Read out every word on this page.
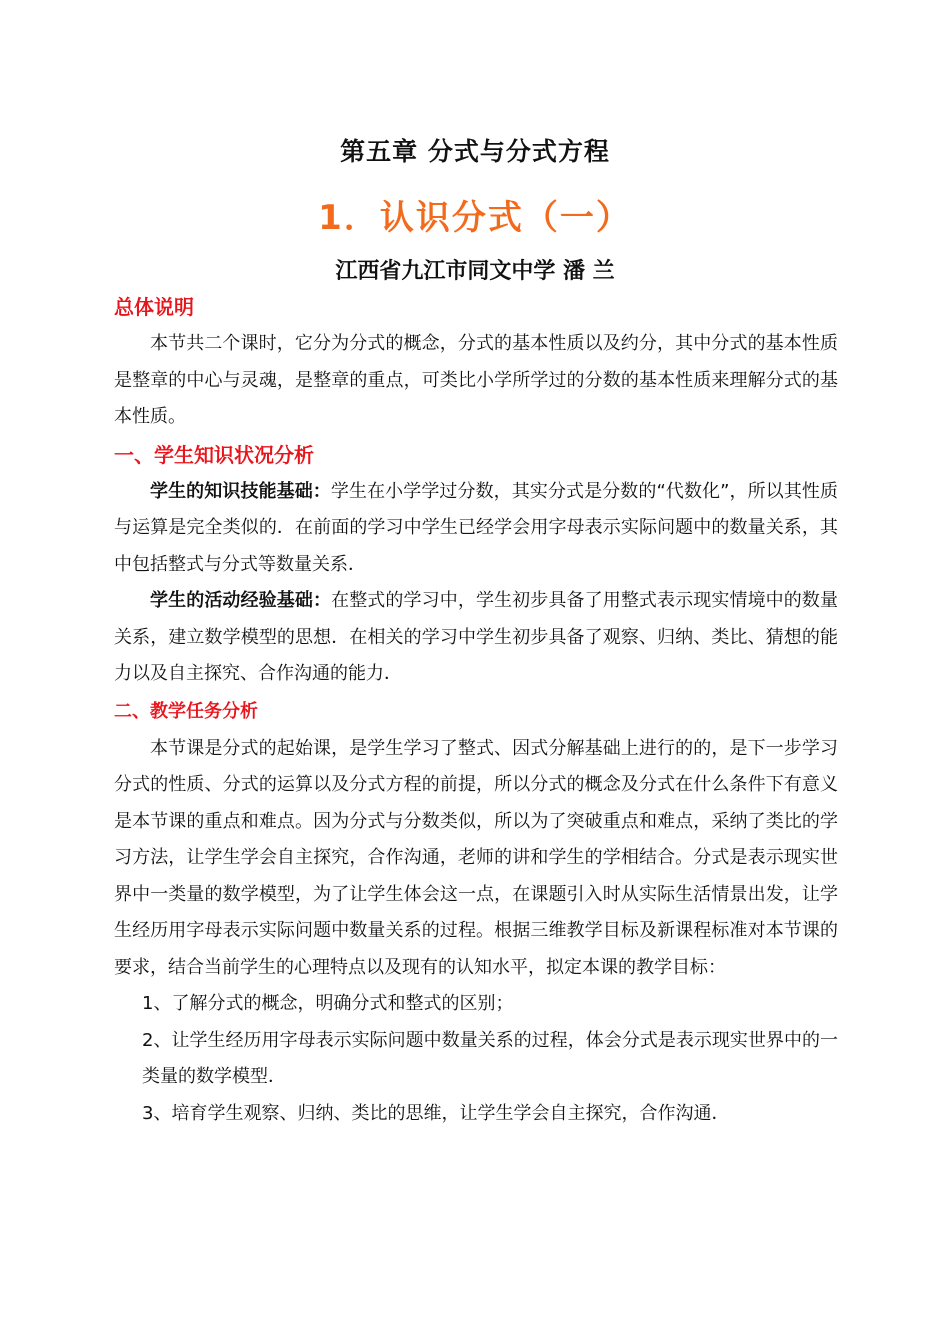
第五章 分式与分式方程
1．认识分式（一）
江西省九江市同文中学 潘 兰
总体说明

本节共二个课时，它分为分式的概念，分式的基本性质以及约分，其中分式的基本性质是整章的中心与灵魂，是整章的重点，可类比小学所学过的分数的基本性质来理解分式的基本性质。

一、学生知识状况分析

学生的知识技能基础：学生在小学学过分数，其实分式是分数的“代数化”，所以其性质与运算是完全类似的．在前面的学习中学生已经学会用字母表示实际问题中的数量关系，其中包括整式与分式等数量关系．

学生的活动经验基础：在整式的学习中，学生初步具备了用整式表示现实情境中的数量关系，建立数学模型的思想．在相关的学习中学生初步具备了观察、归纳、类比、猜想的能力以及自主探究、合作沟通的能力．

二、教学任务分析

本节课是分式的起始课，是学生学习了整式、因式分解基础上进行的的，是下一步学习分式的性质、分式的运算以及分式方程的前提，所以分式的概念及分式在什么条件下有意义是本节课的重点和难点。因为分式与分数类似，所以为了突破重点和难点，采纳了类比的学习方法，让学生学会自主探究，合作沟通，老师的讲和学生的学相结合。分式是表示现实世界中一类量的数学模型，为了让学生体会这一点，在课题引入时从实际生活情景出发，让学生经历用字母表示实际问题中数量关系的过程。根据三维教学目标及新课程标准对本节课的要求，结合当前学生的心理特点以及现有的认知水平，拟定本课的教学目标：

1、了解分式的概念，明确分式和整式的区别；

2、让学生经历用字母表示实际问题中数量关系的过程，体会分式是表示现实世界中的一类量的数学模型．

3、培育学生观察、归纳、类比的思维，让学生学会自主探究，合作沟通．
